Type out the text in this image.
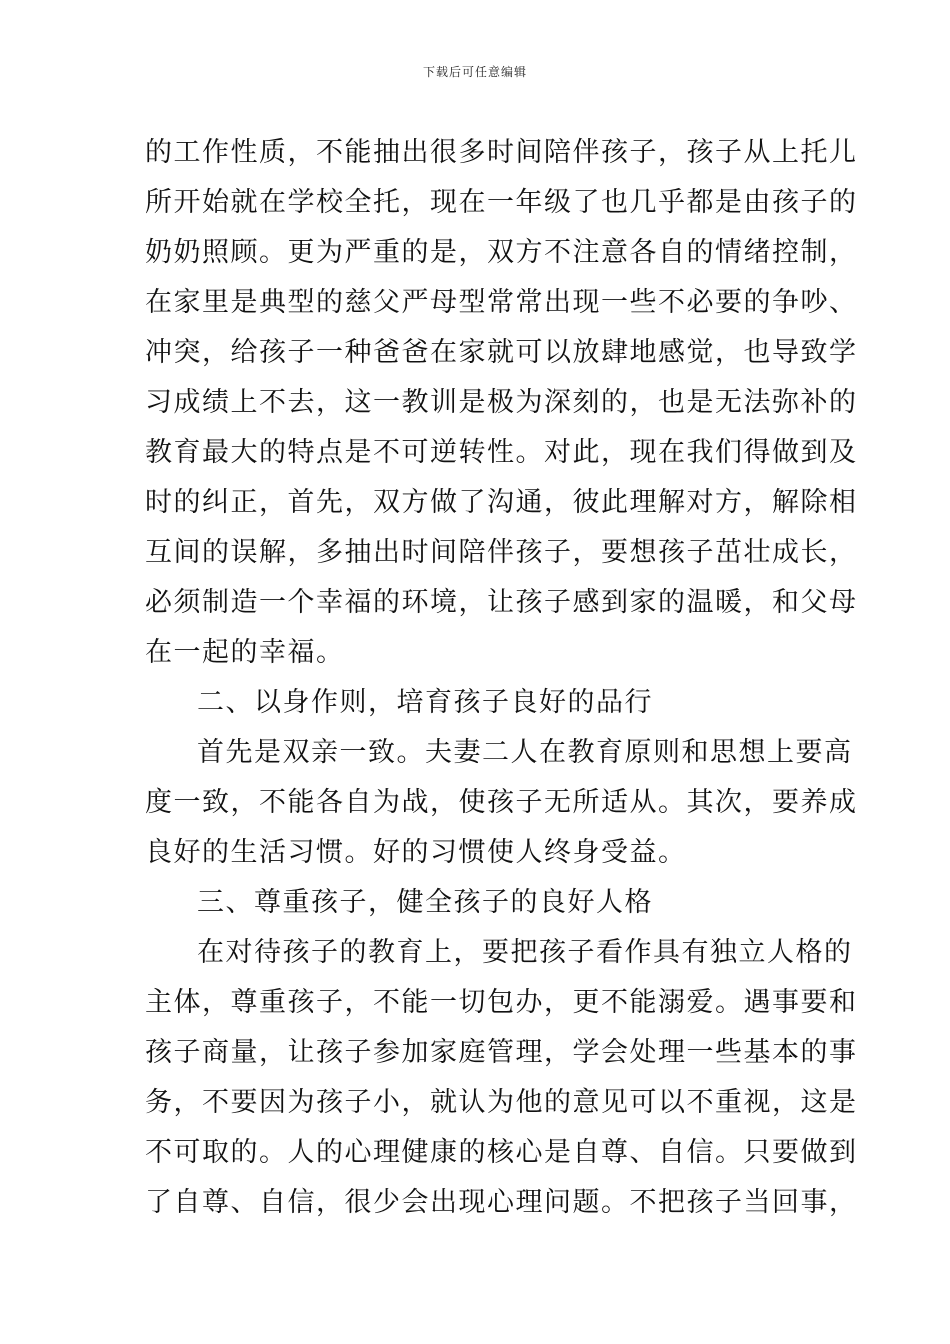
下载后可任意编辑
的工作性质，不能抽出很多时间陪伴孩子，孩子从上托儿
所开始就在学校全托，现在一年级了也几乎都是由孩子的
奶奶照顾。更为严重的是，双方不注意各自的情绪控制，
在家里是典型的慈父严母型常常出现一些不必要的争吵、
冲突，给孩子一种爸爸在家就可以放肆地感觉，也导致学
习成绩上不去，这一教训是极为深刻的，也是无法弥补的
教育最大的特点是不可逆转性。对此，现在我们得做到及
时的纠正，首先，双方做了沟通，彼此理解对方，解除相
互间的误解，多抽出时间陪伴孩子，要想孩子茁壮成长，
必须制造一个幸福的环境，让孩子感到家的温暖，和父母
在一起的幸福。
二、以身作则，培育孩子良好的品行
首先是双亲一致。夫妻二人在教育原则和思想上要高
度一致，不能各自为战，使孩子无所适从。其次，要养成
良好的生活习惯。好的习惯使人终身受益。
三、尊重孩子，健全孩子的良好人格
在对待孩子的教育上，要把孩子看作具有独立人格的
主体，尊重孩子，不能一切包办，更不能溺爱。遇事要和
孩子商量，让孩子参加家庭管理，学会处理一些基本的事
务，不要因为孩子小，就认为他的意见可以不重视，这是
不可取的。人的心理健康的核心是自尊、自信。只要做到
了自尊、自信，很少会出现心理问题。不把孩子当回事，
